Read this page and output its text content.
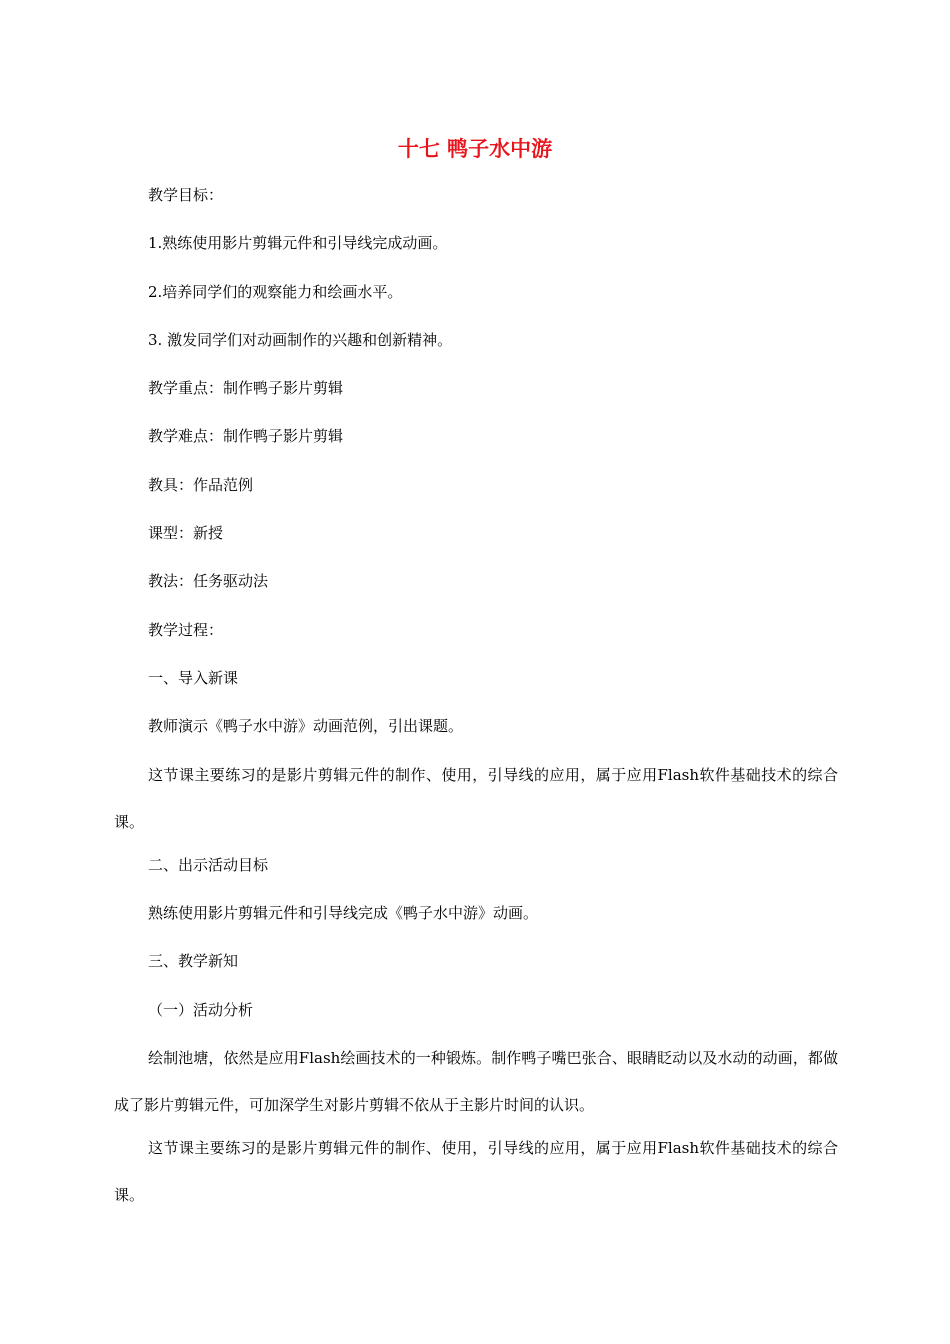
十七 鸭子水中游
教学目标：
1.熟练使用影片剪辑元件和引导线完成动画。
2.培养同学们的观察能力和绘画水平。
3. 激发同学们对动画制作的兴趣和创新精神。
教学重点：制作鸭子影片剪辑
教学难点：制作鸭子影片剪辑
教具：作品范例
课型：新授
教法：任务驱动法
教学过程：
一、导入新课
教师演示《鸭子水中游》动画范例，引出课题。
这节课主要练习的是影片剪辑元件的制作、使用，引导线的应用，属于应用Flash软件基础技术的综合课。
二、出示活动目标
熟练使用影片剪辑元件和引导线完成《鸭子水中游》动画。
三、教学新知
（一）活动分析
绘制池塘，依然是应用Flash绘画技术的一种锻炼。制作鸭子嘴巴张合、眼睛眨动以及水动的动画，都做成了影片剪辑元件，可加深学生对影片剪辑不依从于主影片时间的认识。
这节课主要练习的是影片剪辑元件的制作、使用，引导线的应用，属于应用Flash软件基础技术的综合课。
